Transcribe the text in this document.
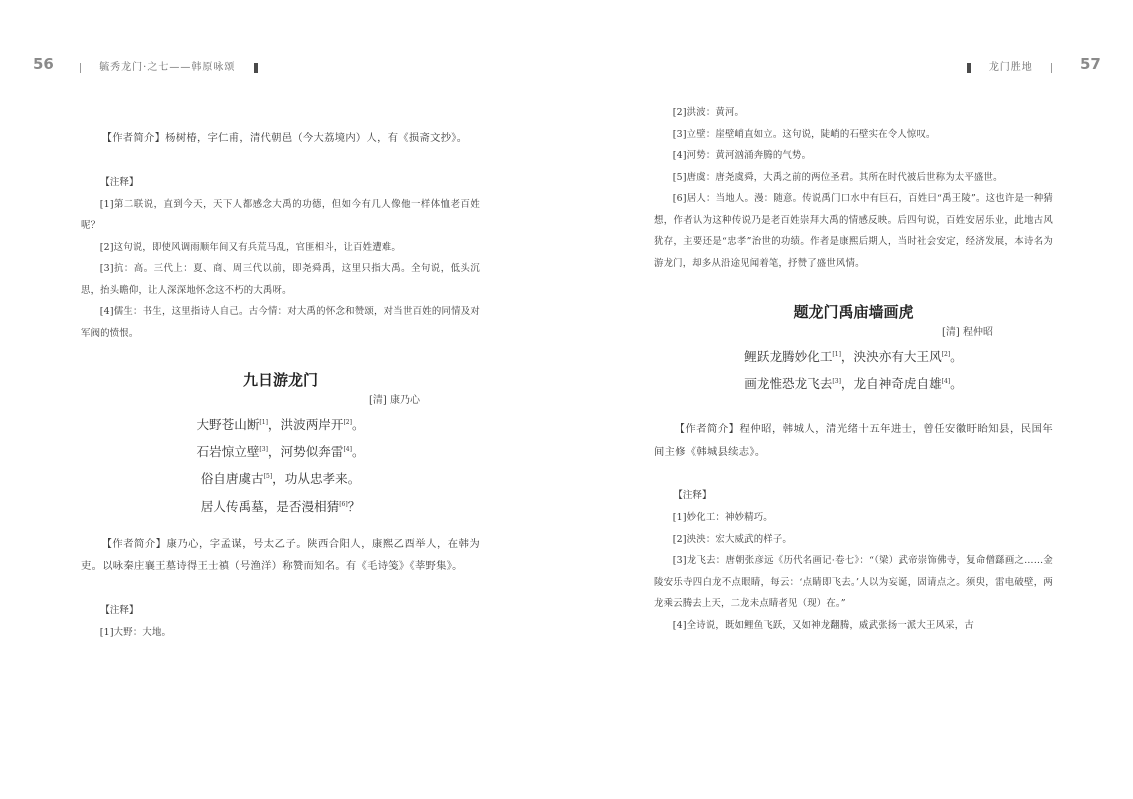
56	毓秀龙门·之七——韩原咏颂

【作者简介】杨树椿，字仁甫，清代朝邑（今大荔境内）人，有《损斋文抄》。

【注释】

[1]第二联说，直到今天，天下人都感念大禹的功德，但如今有几人像他一样体恤老百姓呢？

[2]这句说，即使风调雨顺年间又有兵荒马乱，官匪相斗，让百姓遭难。

[3]抗：高。三代上：夏、商、周三代以前，即尧舜禹，这里只指大禹。全句说，低头沉思，抬头瞻仰，让人深深地怀念这不朽的大禹呀。

[4]儒生：书生，这里指诗人自己。古今情：对大禹的怀念和赞颂，对当世百姓的同情及对军阀的愤恨。

九日游龙门

[清] 康乃心

大野苍山断[1]，洪波两岸开[2]。

石岩惊立壁[3]，河势似奔雷[4]。

俗自唐虞古[5]，功从忠孝来。

居人传禹墓，是否漫相猜[6]？

【作者简介】康乃心，字孟谋，号太乙子。陕西合阳人，康熙乙酉举人，在韩为吏。以咏秦庄襄王墓诗得王士禛（号渔洋）称赞而知名。有《毛诗笺》《莘野集》。

【注释】

[1]大野：大地。

龙门胜地	57

[2]洪波：黄河。

[3]立壁：崖壁峭直如立。这句说，陡峭的石壁实在令人惊叹。

[4]河势：黄河汹涌奔腾的气势。

[5]唐虞：唐尧虞舜，大禹之前的两位圣君。其所在时代被后世称为太平盛世。

[6]居人：当地人。漫：随意。传说禹门口水中有巨石，百姓曰“禹王陵”。这也许是一种猜想，作者认为这种传说乃是老百姓崇拜大禹的情感反映。后四句说，百姓安居乐业，此地古风犹存，主要还是“忠孝”治世的功绩。作者是康熙后期人，当时社会安定，经济发展，本诗名为游龙门，却多从沿途见闻着笔，抒赞了盛世风情。

题龙门禹庙墙画虎

[清] 程仲昭

鲤跃龙腾妙化工[1]，泱泱亦有大王风[2]。

画龙惟恐龙飞去[3]，龙自神奇虎自雄[4]。

【作者简介】程仲昭，韩城人，清光绪十五年进士，曾任安徽盱眙知县，民国年间主修《韩城县续志》。

【注释】

[1]妙化工：神妙精巧。

[2]泱泱：宏大威武的样子。

[3]龙飞去：唐朝张彦远《历代名画记·卷七》：“（梁）武帝崇饰佛寺，复命僧繇画之……金陵安乐寺四白龙不点眼睛，每云：‘点睛即飞去。’人以为妄诞，固请点之。须臾，雷电破壁，两龙乘云腾去上天，二龙未点睛者见（现）在。”

[4]全诗说，既如鲤鱼飞跃，又如神龙翻腾，威武张扬一派大王风采，古
